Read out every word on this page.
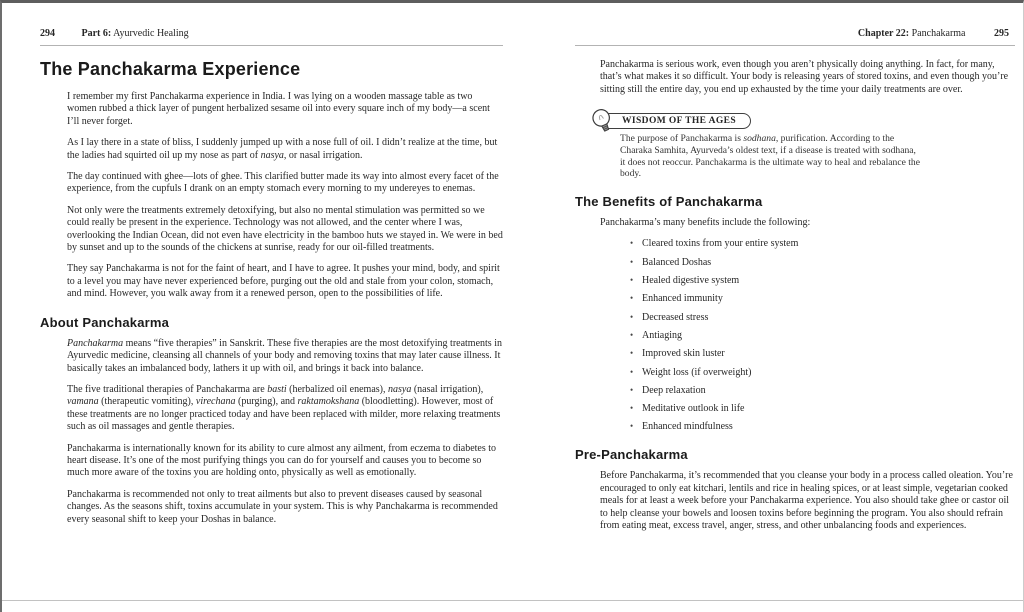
294	Part 6: Ayurvedic Healing
The Panchakarma Experience

I remember my first Panchakarma experience in India. I was lying on a wooden massage table as two women rubbed a thick layer of pungent herbalized sesame oil into every square inch of my body—a scent I’ll never forget.

As I lay there in a state of bliss, I suddenly jumped up with a nose full of oil. I didn’t realize at the time, but the ladies had squirted oil up my nose as part of nasya, or nasal irrigation.

The day continued with ghee—lots of ghee. This clarified butter made its way into almost every facet of the experience, from the cupfuls I drank on an empty stomach every morning to my undereyes to enemas.

Not only were the treatments extremely detoxifying, but also no mental stimulation was permitted so we could really be present in the experience. Technology was not allowed, and the center where I was, overlooking the Indian Ocean, did not even have electricity in the bamboo huts we stayed in. We were in bed by sunset and up to the sounds of the chickens at sunrise, ready for our oil-filled treatments.

They say Panchakarma is not for the faint of heart, and I have to agree. It pushes your mind, body, and spirit to a level you may have never experienced before, purging out the old and stale from your colon, stomach, and mind. However, you walk away from it a renewed person, open to the possibilities of life.

About Panchakarma

Panchakarma means “five therapies” in Sanskrit. These five therapies are the most detoxifying treatments in Ayurvedic medicine, cleansing all channels of your body and removing toxins that may later cause illness. It basically takes an imbalanced body, lathers it up with oil, and brings it back into balance.

The five traditional therapies of Panchakarma are basti (herbalized oil enemas), nasya (nasal irrigation), vamana (therapeutic vomiting), virechana (purging), and raktamokshana (bloodletting). However, most of these treatments are no longer practiced today and have been replaced with milder, more relaxing treatments such as oil massages and gentle therapies.

Panchakarma is internationally known for its ability to cure almost any ailment, from eczema to diabetes to heart disease. It’s one of the most purifying things you can do for yourself and causes you to become so much more aware of the toxins you are holding onto, physically as well as emotionally.

Panchakarma is recommended not only to treat ailments but also to prevent diseases caused by seasonal changes. As the seasons shift, toxins accumulate in your system. This is why Panchakarma is recommended every seasonal shift to keep your Doshas in balance.

Chapter 22: Panchakarma	295

Panchakarma is serious work, even though you aren’t physically doing anything. In fact, for many, that’s what makes it so difficult. Your body is releasing years of stored toxins, and even though you’re sitting still the entire day, you end up exhausted by the time your daily treatments are over.

WISDOM OF THE AGES
The purpose of Panchakarma is sodhana, purification. According to the Charaka Samhita, Ayurveda’s oldest text, if a disease is treated with sodhana, it does not reoccur. Panchakarma is the ultimate way to heal and rebalance the body.
The Benefits of Panchakarma

Panchakarma’s many benefits include the following:

• Cleared toxins from your entire system
• Balanced Doshas
• Healed digestive system
• Enhanced immunity
• Decreased stress
• Antiaging
• Improved skin luster
• Weight loss (if overweight)
• Deep relaxation
• Meditative outlook in life
• Enhanced mindfulness
Pre-Panchakarma

Before Panchakarma, it’s recommended that you cleanse your body in a process called oleation. You’re encouraged to only eat kitchari, lentils and rice in healing spices, or at least simple, vegetarian cooked meals for at least a week before your Panchakarma experience. You also should take ghee or castor oil to help cleanse your bowels and loosen toxins before beginning the program. You also should refrain from eating meat, excess travel, anger, stress, and other unbalancing foods and experiences.
